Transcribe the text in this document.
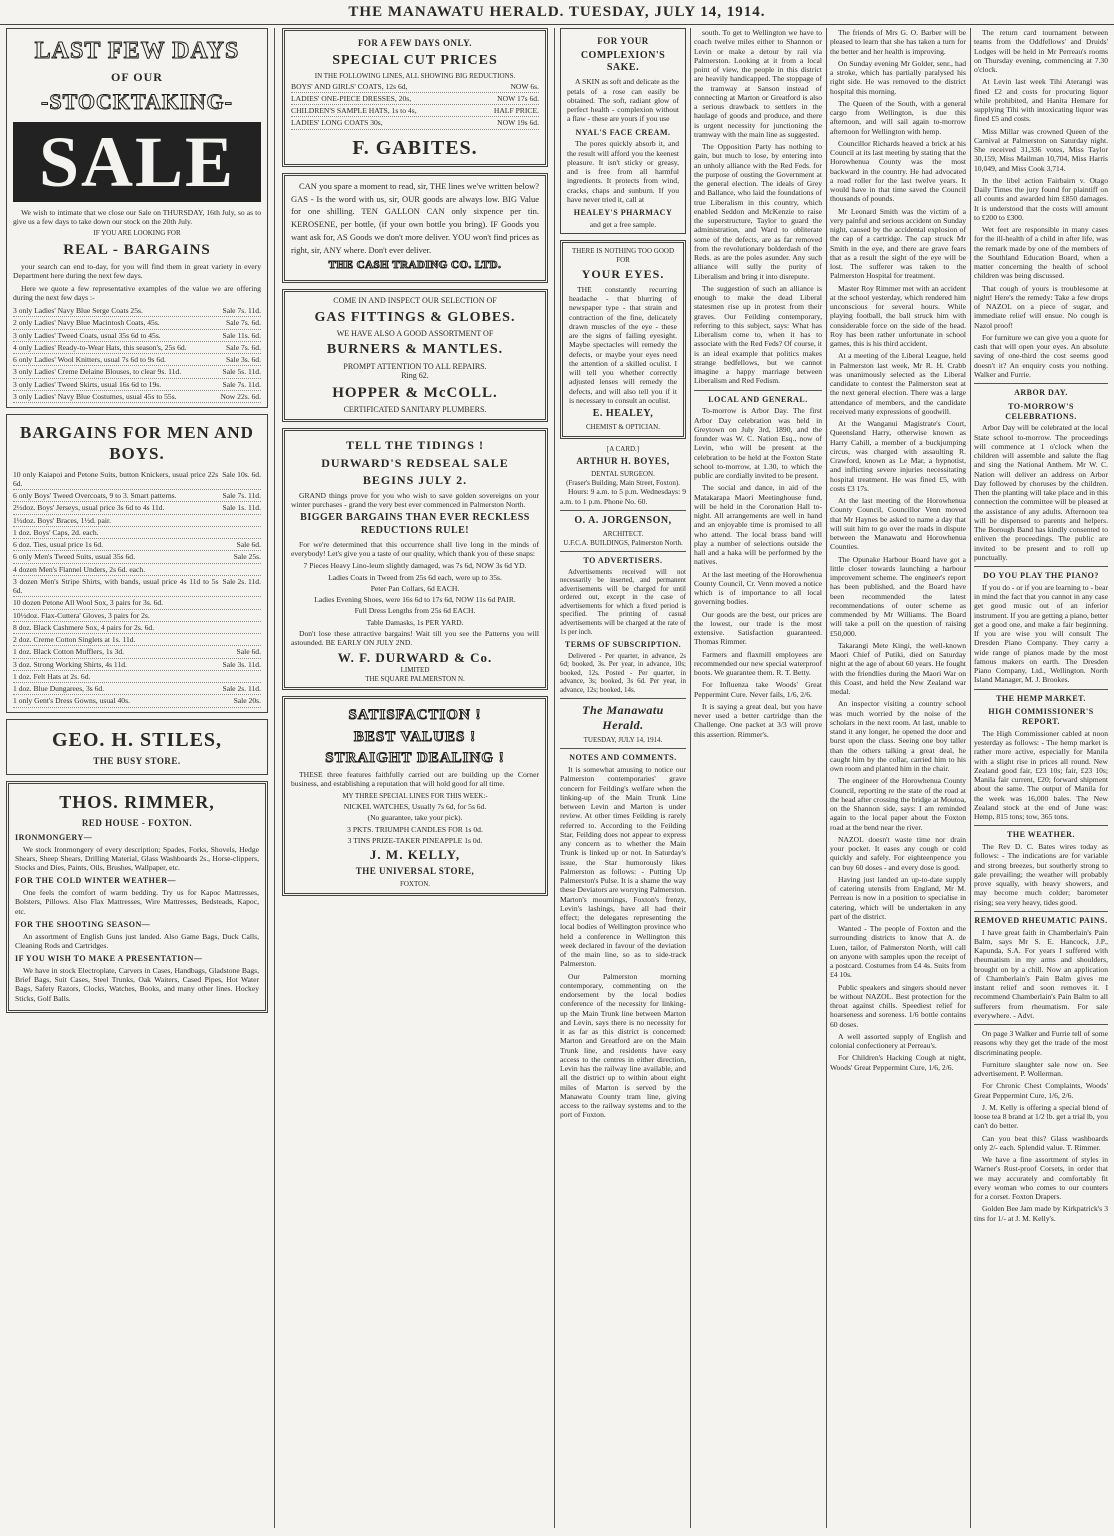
THE MANAWATU HERALD. TUESDAY, JULY 14, 1914.
LAST FEW DAYS
OF OUR
-STOCKTAKING-
SALE

We wish to intimate that we close our Sale on THURSDAY, 16th July, so as to give us a few days to take down our stock on the 20th July.

IF YOU ARE LOOKING FOR
REAL - BARGAINS

your search can end to-day, for you will find them in great variety in every Department here during the next few days.

Here we quote a few representative examples of the value we are offering during the next few days :-

3 only Ladies' Navy Blue Serge Coats 25s.	Sale 7s. 11d.
2 only Ladies' Navy Blue Macintosh Coats, 45s.	Sale 7s. 6d.
3 only Ladies' Tweed Coats, usual 35s 6d to 45s.	Sale 11s. 6d.
4 only Ladies' Ready-to-Wear Hats, this season's, 25s 6d.	Sale 7s. 6d.
6 only Ladies' Wool Knitters, usual 7s 6d to 9s 6d.	Sale 3s. 6d.
3 only Ladies' Creme Delaine Blouses, to clear 9s. 11d.	Sale 5s. 11d.
3 only Ladies' Tweed Skirts, usual 16s 6d to 19s.	Sale 7s. 11d.
3 only Ladies' Navy Blue Costumes, usual 45s to 55s.	Now 22s. 6d.
BARGAINS FOR MEN AND BOYS.
10 only Kaiapoi and Petone Suits, button Knickers, usual price 22s 6d.
Sale 10s. 6d.
6 only Boys' Tweed Overcoats, 9 to 3. Smart patterns.	Sale 7s. 11d.
2½doz. Boys' Jerseys, usual price 3s 6d to 4s 11d.	Sale 1s. 11d.
1½doz. Boys' Braces, 1½d. pair.
1 doz. Boys' Caps, 2d. each.
6 doz. Ties, usual price 1s 6d.	Sale 6d.
6 only Men's Tweed Suits, usual 35s 6d.	Sale 25s.
4 dozen Men's Flannel Unders, 2s 6d. each.
3 dozen Men's Stripe Shirts, with bands, usual price 4s 11d to 5s 6d.
Sale 2s. 11d.
10 dozen Petone All Wool Sox, 3 pairs for 3s. 6d.
10½doz. Flax-Cuttera' Gloves, 3 pairs for 2s.
8 doz. Black Cashmere Sox, 4 pairs for 2s. 6d.
2 doz. Creme Cotton Singlets at 1s. 11d.
1 doz. Black Cotton Mufflers, 1s 3d.	Sale 6d.
3 doz. Strong Working Shirts, 4s 11d.	Sale 3s. 11d.
1 doz. Felt Hats at 2s. 6d.
1 doz. Blue Dungarees, 3s 6d.	Sale 2s. 11d.
1 only Gent's Dress Gowns, usual 40s.	Sale 20s.
GEO. H. STILES,
THE BUSY STORE.
THOS. RIMMER,
RED HOUSE - FOXTON.
IRONMONGERY—

We stock Ironmongery of every description; Spades, Forks, Shovels, Hedge Shears, Sheep Shears, Drilling Material, Glass Washboards 2s., Horse-clippers, Stocks and Dies, Paints, Oils, Brushes, Wallpaper, etc.

FOR THE COLD WINTER WEATHER—

One feels the comfort of warm bedding. Try us for Kapoc Mattresses, Bolsters, Pillows. Also Flax Mattresses, Wire Mattresses, Bedsteads, Kapoc, etc.

FOR THE SHOOTING SEASON—

An assortment of English Guns just landed. Also Game Bags, Duck Calls, Cleaning Rods and Cartridges.

IF YOU WISH TO MAKE A PRESENTATION—

We have in stock Electroplate, Carvers in Cases, Handbags, Gladstone Bags, Brief Bags, Suit Cases, Steel Trunks, Oak Waiters, Cased Pipes, Hot Water Bags, Safety Razors, Clocks, Watches, Books, and many other lines. Hockey Sticks, Golf Balls.

FOR A FEW DAYS ONLY.
SPECIAL CUT PRICES
IN THE FOLLOWING LINES, ALL SHOWING BIG REDUCTIONS.
BOYS' AND GIRLS' COATS, 12s 6d,	NOW 6s.
LADIES' ONE-PIECE DRESSES, 20s,	NOW 17s 6d.
CHILDREN'S SAMPLE HATS, 1s to 4s,	HALF PRICE.
LADIES' LONG COATS 30s,	NOW 19s 6d.
F. GABITES.

CAN you spare a moment to read, sir, THE lines we've written below? GAS - Is the word with us, sir, OUR goods are always low. BIG Value for one shilling. TEN GALLON CAN only sixpence per tin. KEROSENE, per bottle, (if your own bottle you bring). IF Goods you want ask for, AS Goods we don't more deliver. YOU won't find prices as right, sir, ANY where. Don't ever deliver.

THE CASH TRADING CO. LTD.
COME IN AND INSPECT OUR SELECTION OF
GAS FITTINGS & GLOBES.
WE HAVE ALSO A GOOD ASSORTMENT OF
BURNERS & MANTLES.
PROMPT ATTENTION TO ALL REPAIRS.
Ring 62.
HOPPER & McCOLL.
CERTIFICATED SANITARY PLUMBERS.
TELL THE TIDINGS !
DURWARD'S REDSEAL SALE
BEGINS JULY 2.

GRAND things prove for you who wish to save golden sovereigns on your winter purchases - grand the very best ever commenced in Palmerston North.

BIGGER BARGAINS THAN EVER RECKLESS REDUCTIONS RULE!

For we're determined that this occurrence shall live long in the minds of everybody! Let's give you a taste of our quality, which thank you of these snaps:

7 Pieces Heavy Lino-leum slightly damaged, was 7s 6d, NOW 3s 6d YD.
Ladies Coats in Tweed from 25s 6d each, were up to 35s.
Peter Pan Collars, 6d EACH.
Ladies Evening Shoes, were 16s 6d to 17s 6d, NOW 11s 6d PAIR.
Full Dress Lengths from 25s 6d EACH.
Table Damasks, 1s PER YARD.

Don't lose these attractive bargains! Wait till you see the Patterns you will astounded. BE EARLY ON JULY 2ND.

W. F. DURWARD & Co.
LIMITED
THE SQUARE PALMERSTON N.
SATISFACTION !
BEST VALUES !
STRAIGHT DEALING !

THESE three features faithfully carried out are building up the Corner business, and establishing a reputation that will hold good for all time.

MY THREE SPECIAL LINES FOR THIS WEEK:-
NICKEL WATCHES, Usually 7s 6d, for 5s 6d.
(No guarantee, take your pick).
3 PKTS. TRIUMPH CANDLES FOR 1s 0d.
3 TINS PRIZE-TAKER PINEAPPLE 1s 0d.
J. M. KELLY,
THE UNIVERSAL STORE,
FOXTON.
FOR YOUR
COMPLEXION'S SAKE.

A SKIN as soft and delicate as the petals of a rose can easily be obtained. The soft, radiant glow of perfect health - complexion without a flaw - these are yours if you use

NYAL'S FACE CREAM.

The pores quickly absorb it, and the result will afford you the keenest pleasure. It isn't sticky or greasy, and is free from all harmful ingredients. It protects from wind, cracks, chaps and sunburn. If you have never tried it, call at

HEALEY'S PHARMACY
and get a free sample.
THERE IS NOTHING TOO GOOD FOR
YOUR EYES.

THE constantly recurring headache - that blurring of newspaper type - that strain and contraction of the fine, delicately drawn muscles of the eye - these are the signs of failing eyesight. Maybe spectacles will remedy the defects, or maybe your eyes need the attention of a skilled oculist. I will tell you whether correctly adjusted lenses will remedy the defects, and will also tell you if it is necessary to consult an oculist.

E. HEALEY,
CHEMIST & OPTICIAN.
[A CARD.]
ARTHUR H. BOYES,
DENTAL SURGEON.
(Fraser's Building, Main Street, Foxton).

Hours: 9 a.m. to 5 p.m. Wednesdays: 9 a.m. to 1 p.m. Phone No. 60.

O. A. JORGENSON,
ARCHITECT.
U.F.C.A. BUILDINGS, Palmerston North.
TO ADVERTISERS.

Advertisements received will not necessarily be inserted, and permanent advertisements will be charged for until ordered out, except in the case of advertisements for which a fixed period is specified. The printing of casual advertisements will be charged at the rate of 1s per inch.

TERMS OF SUBSCRIPTION.

Delivered - Per quarter, in advance, 2s 6d; booked, 3s. Per year, in advance, 10s; booked, 12s. Posted - Per quarter, in advance, 3s; booked, 3s 6d. Per year, in advance, 12s; booked, 14s.

The Manawatu Herald.
TUESDAY, JULY 14, 1914.
NOTES AND COMMENTS.

It is somewhat amusing to notice our Palmerston contemporaries' grave concern for Feilding's welfare when the linking-up of the Main Trunk Line between Levin and Marton is under review. At other times Feilding is rarely referred to. According to the Feilding Star, Feilding does not appear to express any concern as to whether the Main Trunk is linked up or not. In Saturday's issue, the Star humorously likes Palmerston as follows: - Putting Up Palmerston's Pulse. It is a shame the way these Deviators are worrying Palmerston. Marton's mournings, Foxton's frenzy, Levin's lashings, have all had their effect; the delegates representing the local bodies of Wellington province who held a conference in Wellington this week declared in favour of the deviation of the main line, so as to side-track Palmerston.

Our Palmerston morning contemporary, commenting on the endorsement by the local bodies conference of the necessity for linking-up the Main Trunk line between Marton and Levin, says there is no necessity for it as far as this district is concerned: Marton and Greatford are on the Main Trunk line, and residents have easy access to the centres in either direction, Levin has the railway line available, and all the district up to within about eight miles of Marton is served by the Manawatu County tram line, giving access to the railway systems and to the port of Foxton.

south. To get to Wellington we have to coach twelve miles either to Shannon or Levin or make a detour by rail via Palmerston. Looking at it from a local point of view, the people in this district are heavily handicapped. The stoppage of the tramway at Sanson instead of connecting at Marton or Greatford is also a serious drawback to settlers in the haulage of goods and produce, and there is urgent necessity for junctioning the tramway with the main line as suggested.

The Opposition Party has nothing to gain, but much to lose, by entering into an unholy alliance with the Red Feds. for the purpose of ousting the Government at the general election. The ideals of Grey and Ballance, who laid the foundations of true Liberalism in this country, which enabled Seddon and McKenzie to raise the superstructure, Taylor to guard the administration, and Ward to obliterate some of the defects, are as far removed from the revolutionary bolderdash of the Reds. as are the poles asunder. Any such alliance will sully the purity of Liberalism and bring it into disrepute.

The suggestion of such an alliance is enough to make the dead Liberal statesmen rise up in protest from their graves. Our Feilding contemporary, referring to this subject, says: What has Liberalism come to, when it has to associate with the Red Feds? Of course, it is an ideal example that politics makes strange bedfellows, but we cannot imagine a happy marriage between Liberalism and Red Fedism.

LOCAL AND GENERAL.

To-morrow is Arbor Day. The first Arbor Day celebration was held in Greytown on July 3rd, 1890, and the founder was W. C. Nation Esq., now of Levin, who will be present at the celebration to be held at the Foxton State school to-morrow, at 1.30, to which the public are cordially invited to be present.

The social and dance, in aid of the Matakarapa Maori Meetinghouse fund, will be held in the Coronation Hall to-night. All arrangements are well in hand and an enjoyable time is promised to all who attend. The local brass band will play a number of selections outside the hall and a haka will be performed by the natives.

At the last meeting of the Horowhenua County Council, Cr. Venn moved a notice which is of importance to all local governing bodies.

Our goods are the best, our prices are the lowest, our trade is the most extensive. Satisfaction guaranteed. Thomas Rimmer.

Farmers and flaxmill employees are recommended our new special waterproof boots. We guarantee them. R. T. Betty.

For Influenza take Woods' Great Peppermint Cure. Never fails, 1/6, 2/6.

It is saying a great deal, but you have never used a better cartridge than the Challenge. One packet at 3/3 will prove this assertion. Rimmer's.

The friends of Mrs G. O. Barber will be pleased to learn that she has taken a turn for the better and her health is improving.

On Sunday evening Mr Golder, senr., had a stroke, which has partially paralysed his right side. He was removed to the district hospital this morning.

The Queen of the South, with a general cargo from Wellington, is due this afternoon, and will sail again to-morrow afternoon for Wellington with hemp.

Councillor Richards heaved a brick at his Council at its last meeting by stating that the Horowhenua County was the most backward in the country. He had advocated a road roller for the last twelve years. It would have in that time saved the Council thousands of pounds.

Mr Leonard Smith was the victim of a very painful and serious accident on Sunday night, caused by the accidental explosion of the cap of a cartridge. The cap struck Mr Smith in the eye, and there are grave fears that as a result the sight of the eye will be lost. The sufferer was taken to the Palmerston Hospital for treatment.

Master Roy Rimmer met with an accident at the school yesterday, which rendered him unconscious for several hours. While playing football, the ball struck him with considerable force on the side of the head. Roy has been rather unfortunate in school games, this is his third accident.

At a meeting of the Liberal League, held in Palmerston last week, Mr R. H. Crabb was unanimously selected as the Liberal candidate to contest the Palmerston seat at the next general election. There was a large attendance of members, and the candidate received many expressions of goodwill.

At the Wanganui Magistrate's Court, Queensland Harry, otherwise known as Harry Cahill, a member of a buckjumping circus, was charged with assaulting R. Crawford, known as Le Mar, a hypnotist, and inflicting severe injuries necessitating hospital treatment. He was fined £5, with costs £3 17s.

At the last meeting of the Horowhenua County Council, Councillor Venn moved that Mr Haynes be asked to name a day that will suit him to go over the roads in dispute between the Manawatu and Horowhenua Counties.

The Opunake Harbour Board have got a little closer towards launching a harbour improvement scheme. The engineer's report has been published, and the Board have been recommended the latest recommendations of outer scheme as commended by Mr Williams. The Board will take a poll on the question of raising £50,000.

Takarangi Mete Kingi, the well-known Maori Chief of Putiki, died on Saturday night at the age of about 60 years. He fought with the friendlies during the Maori War on this Coast, and held the New Zealand war medal.

An inspector visiting a country school was much worried by the noise of the scholars in the next room. At last, unable to stand it any longer, he opened the door and burst upon the class. Seeing one boy taller than the others talking a great deal, he caught him by the collar, carried him to his own room and planted him in the chair.

The engineer of the Horowhenua County Council, reporting re the state of the road at the head after crossing the bridge at Moutoa, on the Shannon side, says: I am reminded again to the local paper about the Foxton road at the bend near the river.

NAZOL doesn't waste time nor drain your pocket. It eases any cough or cold quickly and safely. For eighteenpence you can buy 60 doses - and every dose is good.

Having just landed an up-to-date supply of catering utensils from England, Mr M. Perreau is now in a position to specialise in catering, which will be undertaken in any part of the district.

Wanted - The people of Foxton and the surrounding districts to know that A. de Luen, tailor, of Palmerston North, will call on anyone with samples upon the receipt of a postcard. Costumes from £4 4s. Suits from £4 10s.

Public speakers and singers should never be without NAZOL. Best protection for the throat against chills. Speediest relief for hoarseness and soreness. 1/6 bottle contains 60 doses.

A well assorted supply of English and colonial confectionery at Perreau's.

For Children's Hacking Cough at night, Woods' Great Peppermint Cure, 1/6, 2/6.

The return card tournament between teams from the Oddfellows' and Druids' Lodges will be held in Mr Perreau's rooms on Thursday evening, commencing at 7.30 o'clock.

At Levin last week Tihi Aterangi was fined £2 and costs for procuring liquor while prohibited, and Hanita Hemare for supplying Tihi with intoxicating liquor was fined £5 and costs.

Miss Millar was crowned Queen of the Carnival at Palmerston on Saturday night. She received 31,336 votes, Miss Taylor 30,159, Miss Mailman 10,704, Miss Harris 10,049, and Miss Cook 3,714.

In the libel action Fairbairn v. Otago Daily Times the jury found for plaintiff on all counts and awarded him £850 damages. It is understood that the costs will amount to £200 to £300.

Wet feet are responsible in many cases for the ill-health of a child in after life, was the remark made by one of the members of the Southland Education Board, when a matter concerning the health of school children was being discussed.

That cough of yours is troublesome at night! Here's the remedy: Take a few drops of NAZOL on a piece of sugar, and immediate relief will ensue. No cough is Nazol proof!

For furniture we can give you a quote for cash that will open your eyes. An absolute saving of one-third the cost seems good doesn't it? An enquiry costs you nothing. Walker and Furrie.

ARBOR DAY.
TO-MORROW'S CELEBRATIONS.

Arbor Day will be celebrated at the local State school to-morrow. The proceedings will commence at 1 o'clock when the children will assemble and salute the flag and sing the National Anthem. Mr W. C. Nation will deliver an address on Arbor Day followed by choruses by the children. Then the planting will take place and in this connection the committee will be pleased at the assistance of any adults. Afternoon tea will be dispensed to parents and helpers. The Borough Band has kindly consented to enliven the proceedings. The public are invited to be present and to roll up punctually.

DO YOU PLAY THE PIANO?

If you do - or if you are learning to - bear in mind the fact that you cannot in any case get good music out of an inferior instrument. If you are getting a piano, better get a good one, and make a fair beginning. If you are wise you will consult The Dresden Piano Company. They carry a wide range of pianos made by the most famous makers on earth. The Dresden Piano Company, Ltd., Wellington. North Island Manager, M. J. Brookes.

THE HEMP MARKET.
HIGH COMMISSIONER'S REPORT.

The High Commissioner cabled at noon yesterday as follows: - The hemp market is rather more active, especially for Manila with a slight rise in prices all round. New Zealand good fair, £23 10s; fair, £23 10s; Manila fair current, £20; forward shipment about the same. The output of Manila for the week was 16,000 bales. The New Zealand stock at the end of June was: Hemp, 815 tons; tow, 365 tons.

THE WEATHER.

The Rev D. C. Bates wires today as follows: - The indications are for variable and strong breezes, but southerly strong to gale prevailing; the weather will probably prove squally, with heavy showers, and may become much colder; barometer rising; sea very heavy, tides good.

REMOVED RHEUMATIC PAINS.

I have great faith in Chamberlain's Pain Balm, says Mr S. E. Hancock, J.P., Kapunda, S.A. For years I suffered with rheumatism in my arms and shoulders, brought on by a chill. Now an application of Chamberlain's Pain Balm gives me instant relief and soon removes it. I recommend Chamberlain's Pain Balm to all sufferers from rheumatism. For sale everywhere. - Advt.

On page 3 Walker and Furrie tell of some reasons why they get the trade of the most discriminating people.

Furniture slaughter sale now on. See advertisement. P. Wollerman.

For Chronic Chest Complaints, Woods' Great Peppermint Cure, 1/6, 2/6.

J. M. Kelly is offering a special blend of loose tea 8 brand at 1/2 lb. get a trial lb, you can't do better.

Can you beat this? Glass washboards only 2/- each. Splendid value. T. Rimmer.

We have a fine assortment of styles in Warner's Rust-proof Corsets, in order that we may accurately and comfortably fit every woman who comes to our counters for a corset. Foxton Drapers.

Golden Bee Jam made by Kirkpatrick's 3 tins for 1/- at J. M. Kelly's.
